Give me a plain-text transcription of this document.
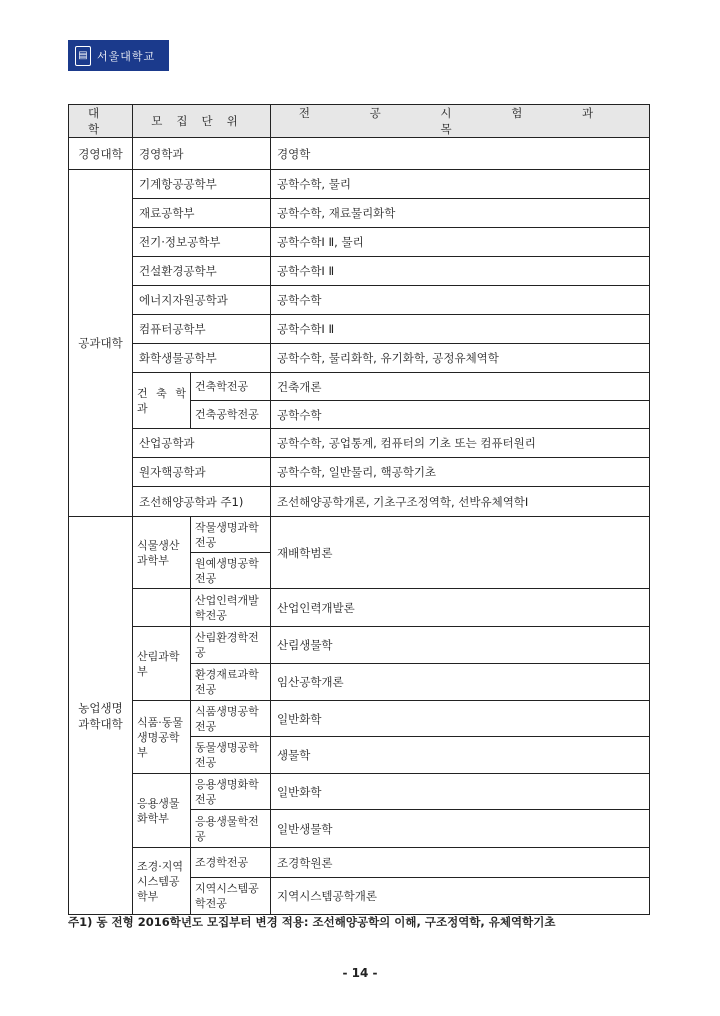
▤ 서울대학교
대 학	모집단위		전 공 시 험 과 목
경영대학	경영학과		경영학
공과대학	기계항공공학부		공학수학, 물리
	재료공학부		공학수학, 재료물리화학
	전기·정보공학부		공학수학Ⅰ Ⅱ, 물리
	건설환경공학부		공학수학Ⅰ Ⅱ
	에너지자원공학과		공학수학
	컴퓨터공학부		공학수학Ⅰ Ⅱ
	화학생물공학부		공학수학, 물리화학, 유기화학, 공정유체역학
	건 축 학 과	건축학전공	건축개론
		건축공학전공	공학수학
	산업공학과		공학수학, 공업통계, 컴퓨터의 기초 또는 컴퓨터원리
	원자핵공학과		공학수학, 일반물리, 핵공학기초
	조선해양공학과 주1)		조선해양공학개론, 기초구조정역학, 선박유체역학Ⅰ
농업생명과학대학	식물생산과학부	작물생명과학전공	재배학범론
		원예생명공학전공	
		산업인력개발학전공	산업인력개발론
	산림과학부	산림환경학전공	산림생물학
		환경재료과학전공	임산공학개론
	식품·동물생명공학부	식품생명공학전공	일반화학
		동물생명공학전공	생물학
	응용생물화학부	응용생명화학전공	일반화학
		응용생물학전공	일반생물학
	조경·지역시스템공학부	조경학전공	조경학원론
		지역시스템공학전공	지역시스템공학개론
주1) 동 전형 2016학년도 모집부터 변경 적용: 조선해양공학의 이해, 구조정역학, 유체역학기초
- 14 -
